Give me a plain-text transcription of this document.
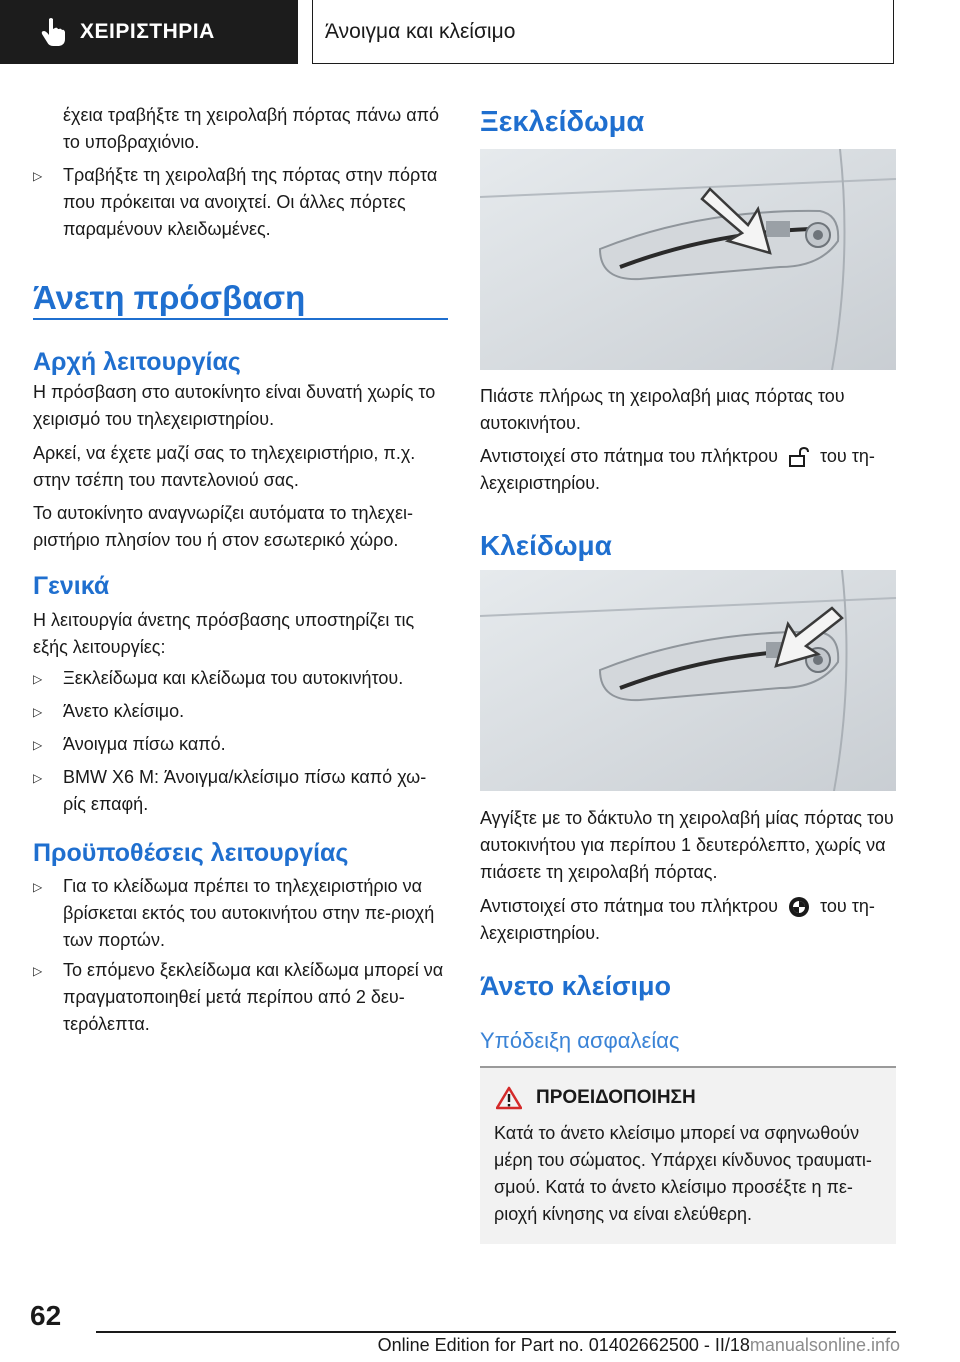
ΧΕΙΡΙΣΤΗΡΙΑ	Άνοιγμα και κλείσιμο

έχεια τραβήξτε τη χειρολαβή πόρτας πάνω από το υποβραχιόνιο.

▷	Τραβήξτε τη χειρολαβή της πόρτας στην πόρτα που πρόκειται να ανοιχτεί. Οι άλλες πόρτες παραμένουν κλειδωμένες.
Άνετη πρόσβαση
Αρχή λειτουργίας

Η πρόσβαση στο αυτοκίνητο είναι δυνατή χωρίς το χειρισμό του τηλεχειριστηρίου.

Αρκεί, να έχετε μαζί σας το τηλεχειριστήριο, π.χ. στην τσέπη του παντελονιού σας.

Το αυτοκίνητο αναγνωρίζει αυτόματα το τηλεχει-ριστήριο πλησίον του ή στον εσωτερικό χώρο.

Γενικά

Η λειτουργία άνετης πρόσβασης υποστηρίζει τις εξής λειτουργίες:

▷	Ξεκλείδωμα και κλείδωμα του αυτοκινήτου.
▷	Άνετο κλείσιμο.
▷	Άνοιγμα πίσω καπό.
▷	BMW X6 M: Άνοιγμα/κλείσιμο πίσω καπό χω-ρίς επαφή.
Προϋποθέσεις λειτουργίας
▷	Για το κλείδωμα πρέπει το τηλεχειριστήριο να βρίσκεται εκτός του αυτοκινήτου στην πε-ριοχή των πορτών.
▷	Το επόμενο ξεκλείδωμα και κλείδωμα μπορεί να πραγματοποιηθεί μετά περίπου από 2 δευ-τερόλεπτα.
Ξεκλείδωμα

Πιάστε πλήρως τη χειρολαβή μιας πόρτας του αυτοκινήτου.

Αντιστοιχεί στο πάτημα του πλήκτρου του τη-
λεχειριστηρίου.

Κλείδωμα

Αγγίξτε με το δάκτυλο τη χειρολαβή μίας πόρτας του αυτοκινήτου για περίπου 1 δευτερόλεπτο, χωρίς να πιάσετε τη χειρολαβή πόρτας.

Αντιστοιχεί στο πάτημα του πλήκτρου του τη-
λεχειριστηρίου.

Άνετο κλείσιμο
Υπόδειξη ασφαλείας
ΠΡΟΕΙΔΟΠΟΙΗΣΗ

Κατά το άνετο κλείσιμο μπορεί να σφηνωθούν μέρη του σώματος. Υπάρχει κίνδυνος τραυματι-σμού. Κατά το άνετο κλείσιμο προσέξτε η πε-ριοχή κίνησης να είναι ελεύθερη.

62
Online Edition for Part no. 01402662500 - II/18manualsonline.info
